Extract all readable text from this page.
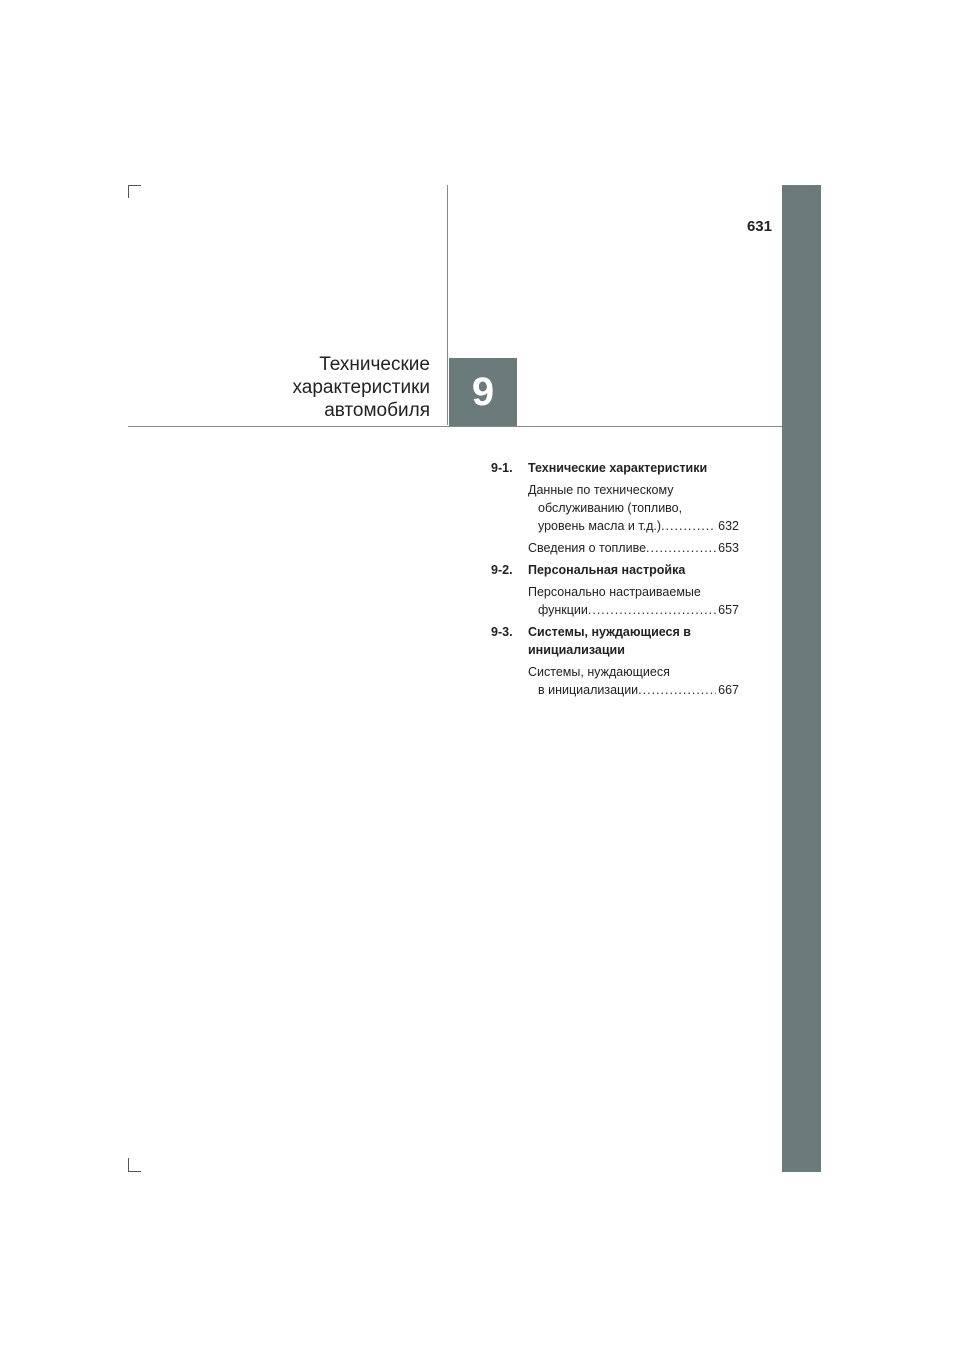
631
Технические
характеристики
автомобиля	9
9-1.	Технические характеристики
Данные по техническому
обслуживанию (топливо,
уровень масла и т.д.) .....	632
Сведения о топливе .....	653
9-2.	Персональная настройка
Персонально настраиваемые
функции .....	657
9-3.	Системы, нуждающиеся в
инициализации
Системы, нуждающиеся
в инициализации .....	667
